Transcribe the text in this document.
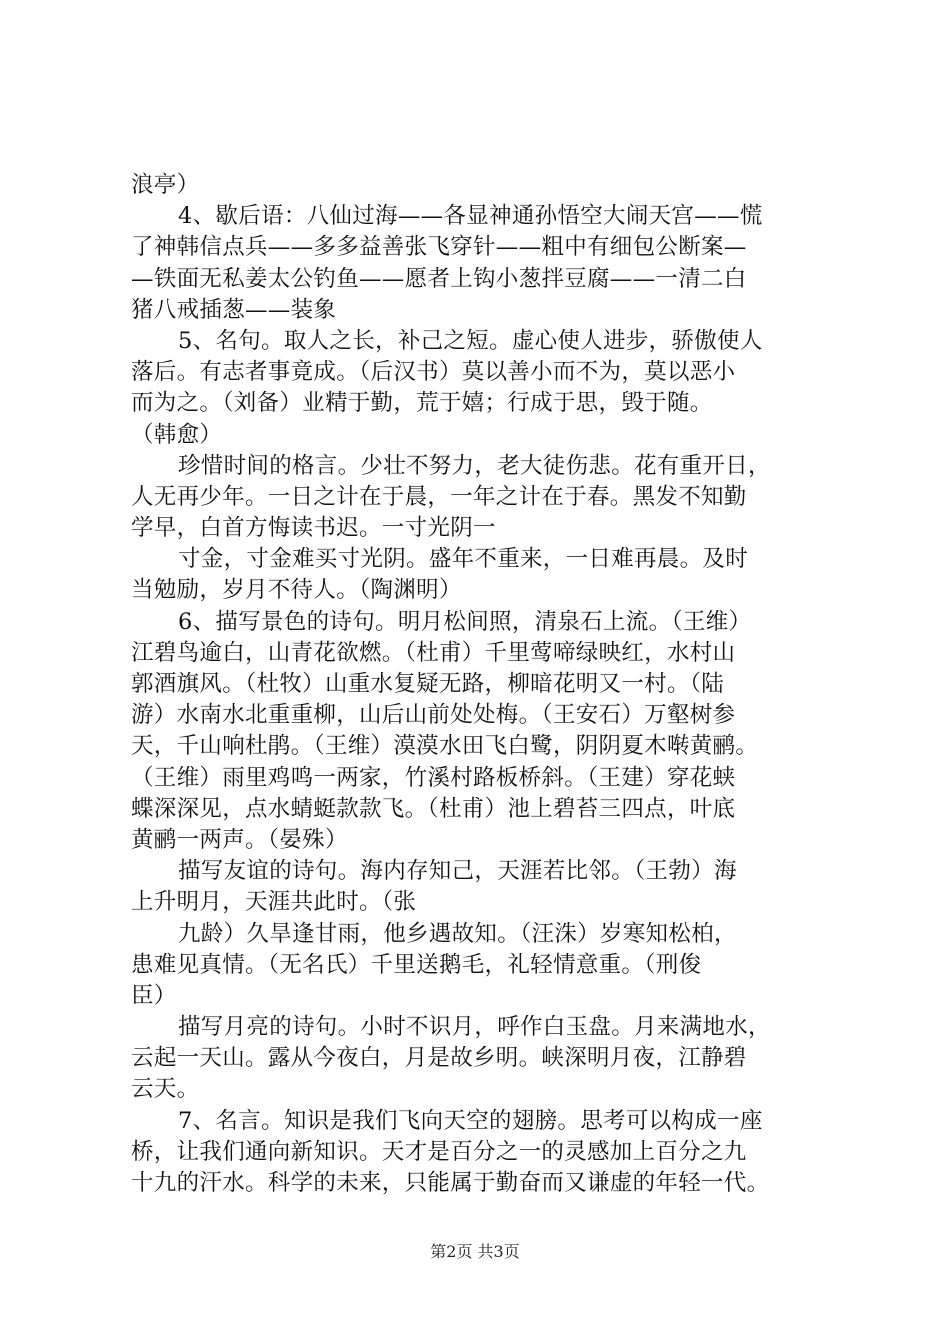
浪亭）
4、歇后语：八仙过海——各显神通孙悟空大闹天宫——慌
了神韩信点兵——多多益善张飞穿针——粗中有细包公断案—
—铁面无私姜太公钓鱼——愿者上钩小葱拌豆腐——一清二白
猪八戒插葱——装象
5、名句。取人之长，补己之短。虚心使人进步，骄傲使人
落后。有志者事竟成。（后汉书）莫以善小而不为，莫以恶小
而为之。（刘备）业精于勤，荒于嬉；行成于思，毁于随。
（韩愈）
珍惜时间的格言。少壮不努力，老大徒伤悲。花有重开日，
人无再少年。一日之计在于晨，一年之计在于春。黑发不知勤
学早，白首方悔读书迟。一寸光阴一
寸金，寸金难买寸光阴。盛年不重来，一日难再晨。及时
当勉励，岁月不待人。（陶渊明）
6、描写景色的诗句。明月松间照，清泉石上流。（王维）
江碧鸟逾白，山青花欲燃。（杜甫）千里莺啼绿映红，水村山
郭酒旗风。（杜牧）山重水复疑无路，柳暗花明又一村。（陆
游）水南水北重重柳，山后山前处处梅。（王安石）万壑树参
天，千山响杜鹃。（王维）漠漠水田飞白鹭，阴阴夏木啭黄鹂。
（王维）雨里鸡鸣一两家，竹溪村路板桥斜。（王建）穿花蛱
蝶深深见，点水蜻蜓款款飞。（杜甫）池上碧苔三四点，叶底
黄鹂一两声。（晏殊）
描写友谊的诗句。海内存知己，天涯若比邻。（王勃）海
上升明月，天涯共此时。（张
九龄）久旱逢甘雨，他乡遇故知。（汪洙）岁寒知松柏，
患难见真情。（无名氏）千里送鹅毛，礼轻情意重。（刑俊
臣）
描写月亮的诗句。小时不识月，呼作白玉盘。月来满地水，
云起一天山。露从今夜白，月是故乡明。峡深明月夜，江静碧
云天。
7、名言。知识是我们飞向天空的翅膀。思考可以构成一座
桥，让我们通向新知识。天才是百分之一的灵感加上百分之九
十九的汗水。科学的未来，只能属于勤奋而又谦虚的年轻一代。
第2页 共3页
